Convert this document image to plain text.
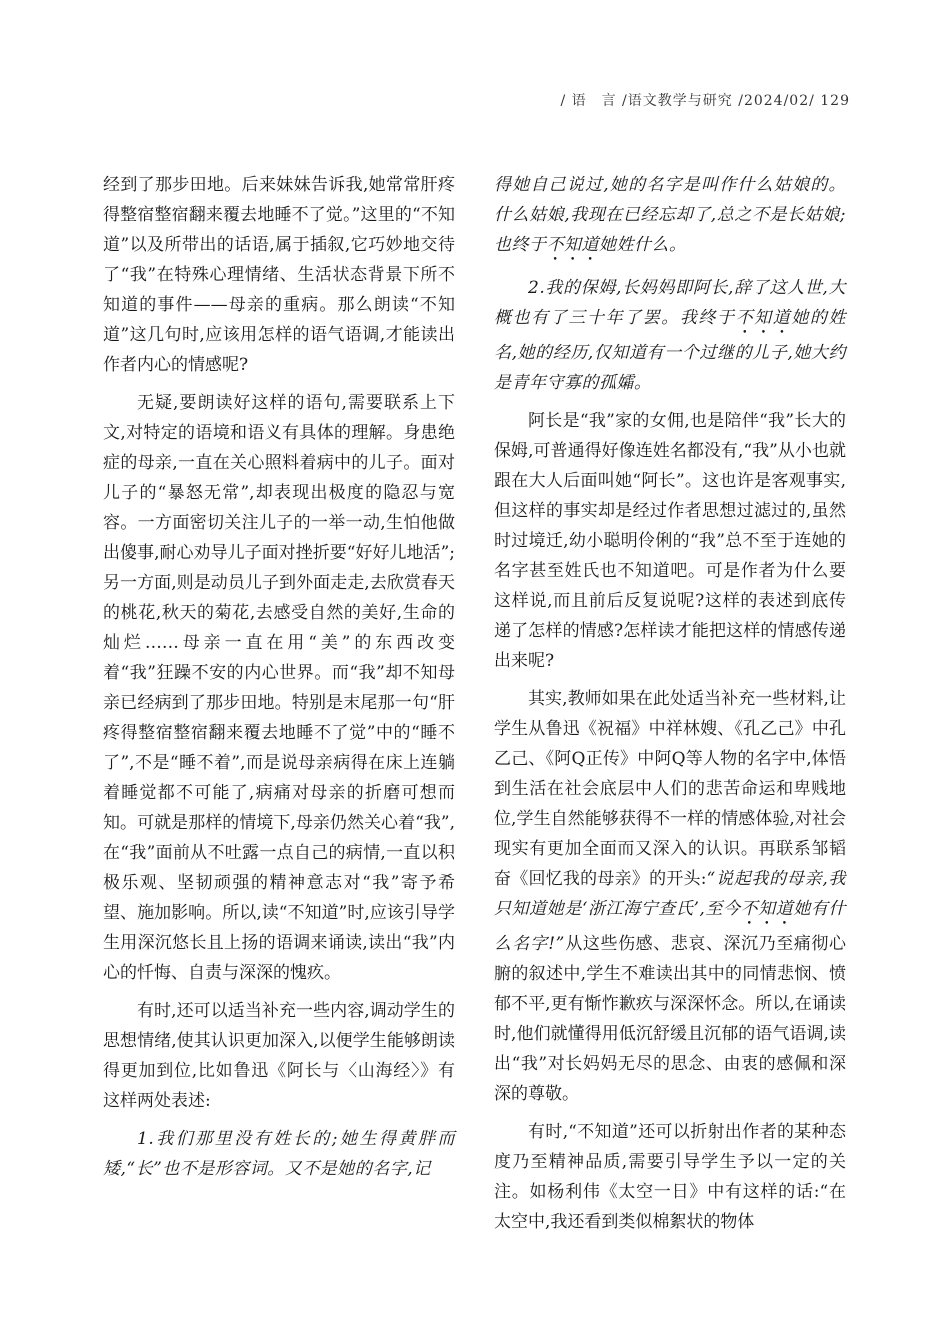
/ 语　言 /语文教学与研究 /2024/02/ 129

经到了那步田地。后来妹妹告诉我,她常常肝疼得整宿整宿翻来覆去地睡不了觉。”这里的“不知道”以及所带出的话语,属于插叙,它巧妙地交待了“我”在特殊心理情绪、生活状态背景下所不知道的事件——母亲的重病。那么朗读“不知道”这几句时,应该用怎样的语气语调,才能读出作者内心的情感呢?

无疑,要朗读好这样的语句,需要联系上下文,对特定的语境和语义有具体的理解。身患绝症的母亲,一直在关心照料着病中的儿子。面对儿子的“暴怒无常”,却表现出极度的隐忍与宽容。一方面密切关注儿子的一举一动,生怕他做出傻事,耐心劝导儿子面对挫折要“好好儿地活”;另一方面,则是动员儿子到外面走走,去欣赏春天的桃花,秋天的菊花,去感受自然的美好,生命的灿烂……母亲一直在用“美”的东西改变着“我”狂躁不安的内心世界。而“我”却不知母亲已经病到了那步田地。特别是末尾那一句“肝疼得整宿整宿翻来覆去地睡不了觉”中的“睡不了”,不是“睡不着”,而是说母亲病得在床上连躺着睡觉都不可能了,病痛对母亲的折磨可想而知。可就是那样的情境下,母亲仍然关心着“我”,在“我”面前从不吐露一点自己的病情,一直以积极乐观、坚韧顽强的精神意志对“我”寄予希望、施加影响。所以,读“不知道”时,应该引导学生用深沉悠长且上扬的语调来诵读,读出“我”内心的忏悔、自责与深深的愧疚。

有时,还可以适当补充一些内容,调动学生的思想情绪,使其认识更加深入,以便学生能够朗读得更加到位,比如鲁迅《阿长与〈山海经〉》有这样两处表述:

1.我们那里没有姓长的;她生得黄胖而矮,“长”也不是形容词。又不是她的名字,记

得她自己说过,她的名字是叫作什么姑娘的。什么姑娘,我现在已经忘却了,总之不是长姑娘;也终于不知道她姓什么。

2.我的保姆,长妈妈即阿长,辞了这人世,大概也有了三十年了罢。我终于不知道她的姓名,她的经历,仅知道有一个过继的儿子,她大约是青年守寡的孤孀。

阿长是“我”家的女佣,也是陪伴“我”长大的保姆,可普通得好像连姓名都没有,“我”从小也就跟在大人后面叫她“阿长”。这也许是客观事实,但这样的事实却是经过作者思想过滤过的,虽然时过境迁,幼小聪明伶俐的“我”总不至于连她的名字甚至姓氏也不知道吧。可是作者为什么要这样说,而且前后反复说呢?这样的表述到底传递了怎样的情感?怎样读才能把这样的情感传递出来呢?

其实,教师如果在此处适当补充一些材料,让学生从鲁迅《祝福》中祥林嫂、《孔乙己》中孔乙己、《阿Q正传》中阿Q等人物的名字中,体悟到生活在社会底层中人们的悲苦命运和卑贱地位,学生自然能够获得不一样的情感体验,对社会现实有更加全面而又深入的认识。再联系邹韬奋《回忆我的母亲》的开头:“说起我的母亲,我只知道她是‘浙江海宁查氏’,至今不知道她有什么名字!”从这些伤感、悲哀、深沉乃至痛彻心腑的叙述中,学生不难读出其中的同情悲悯、愤郁不平,更有惭怍歉疚与深深怀念。所以,在诵读时,他们就懂得用低沉舒缓且沉郁的语气语调,读出“我”对长妈妈无尽的思念、由衷的感佩和深深的尊敬。

有时,“不知道”还可以折射出作者的某种态度乃至精神品质,需要引导学生予以一定的关注。如杨利伟《太空一日》中有这样的话:“在太空中,我还看到类似棉絮状的物体
